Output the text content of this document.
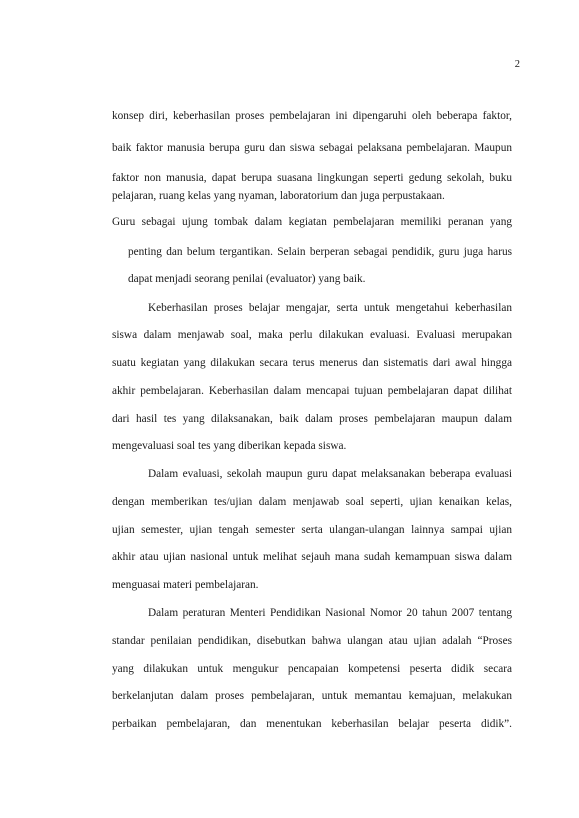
2
konsep diri, keberhasilan proses pembelajaran ini dipengaruhi oleh beberapa faktor,
baik faktor manusia berupa guru dan siswa sebagai pelaksana pembelajaran. Maupun
faktor non manusia, dapat berupa suasana lingkungan seperti gedung sekolah, buku
pelajaran, ruang kelas yang nyaman, laboratorium dan juga perpustakaan.
Guru sebagai ujung tombak dalam kegiatan pembelajaran memiliki peranan yang
penting dan belum tergantikan. Selain berperan sebagai pendidik, guru juga harus
dapat menjadi seorang penilai (evaluator) yang baik.
Keberhasilan proses belajar mengajar, serta untuk mengetahui keberhasilan
siswa dalam menjawab soal, maka perlu dilakukan evaluasi. Evaluasi merupakan
suatu kegiatan yang dilakukan secara terus menerus dan sistematis dari awal hingga
akhir pembelajaran. Keberhasilan dalam mencapai tujuan pembelajaran dapat dilihat
dari hasil tes yang dilaksanakan, baik dalam proses pembelajaran maupun dalam
mengevaluasi soal tes yang diberikan kepada siswa.
Dalam evaluasi, sekolah maupun guru dapat melaksanakan beberapa evaluasi
dengan memberikan tes/ujian dalam menjawab soal seperti, ujian kenaikan kelas,
ujian semester, ujian tengah semester serta ulangan-ulangan lainnya sampai ujian
akhir atau ujian nasional untuk melihat sejauh mana sudah kemampuan siswa dalam
menguasai materi pembelajaran.
Dalam peraturan Menteri Pendidikan Nasional Nomor 20 tahun 2007 tentang
standar penilaian pendidikan, disebutkan bahwa ulangan atau ujian adalah “Proses
yang dilakukan untuk mengukur pencapaian kompetensi peserta didik secara
berkelanjutan dalam proses pembelajaran, untuk memantau kemajuan, melakukan
perbaikan pembelajaran, dan menentukan keberhasilan belajar peserta didik”.
